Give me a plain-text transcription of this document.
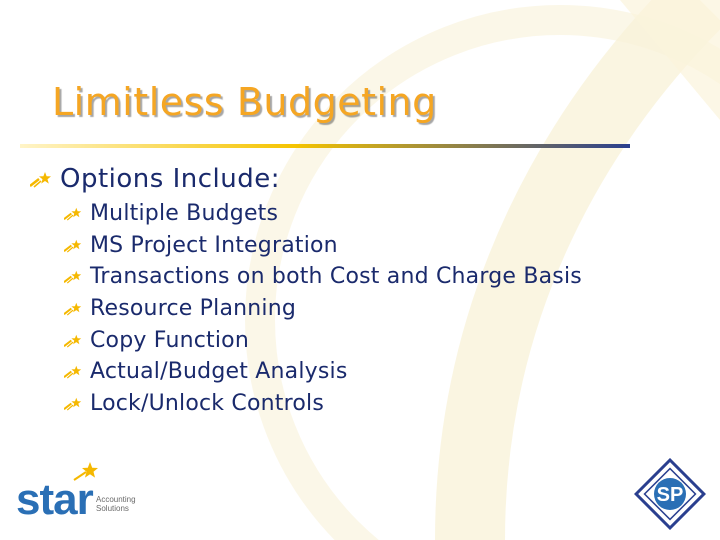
Limitless Budgeting
Options Include:
Multiple Budgets
MS Project Integration
Transactions on both Cost and Charge Basis
Resource Planning
Copy Function
Actual/Budget Analysis
Lock/Unlock Controls
star Accounting
Solutions
SP
